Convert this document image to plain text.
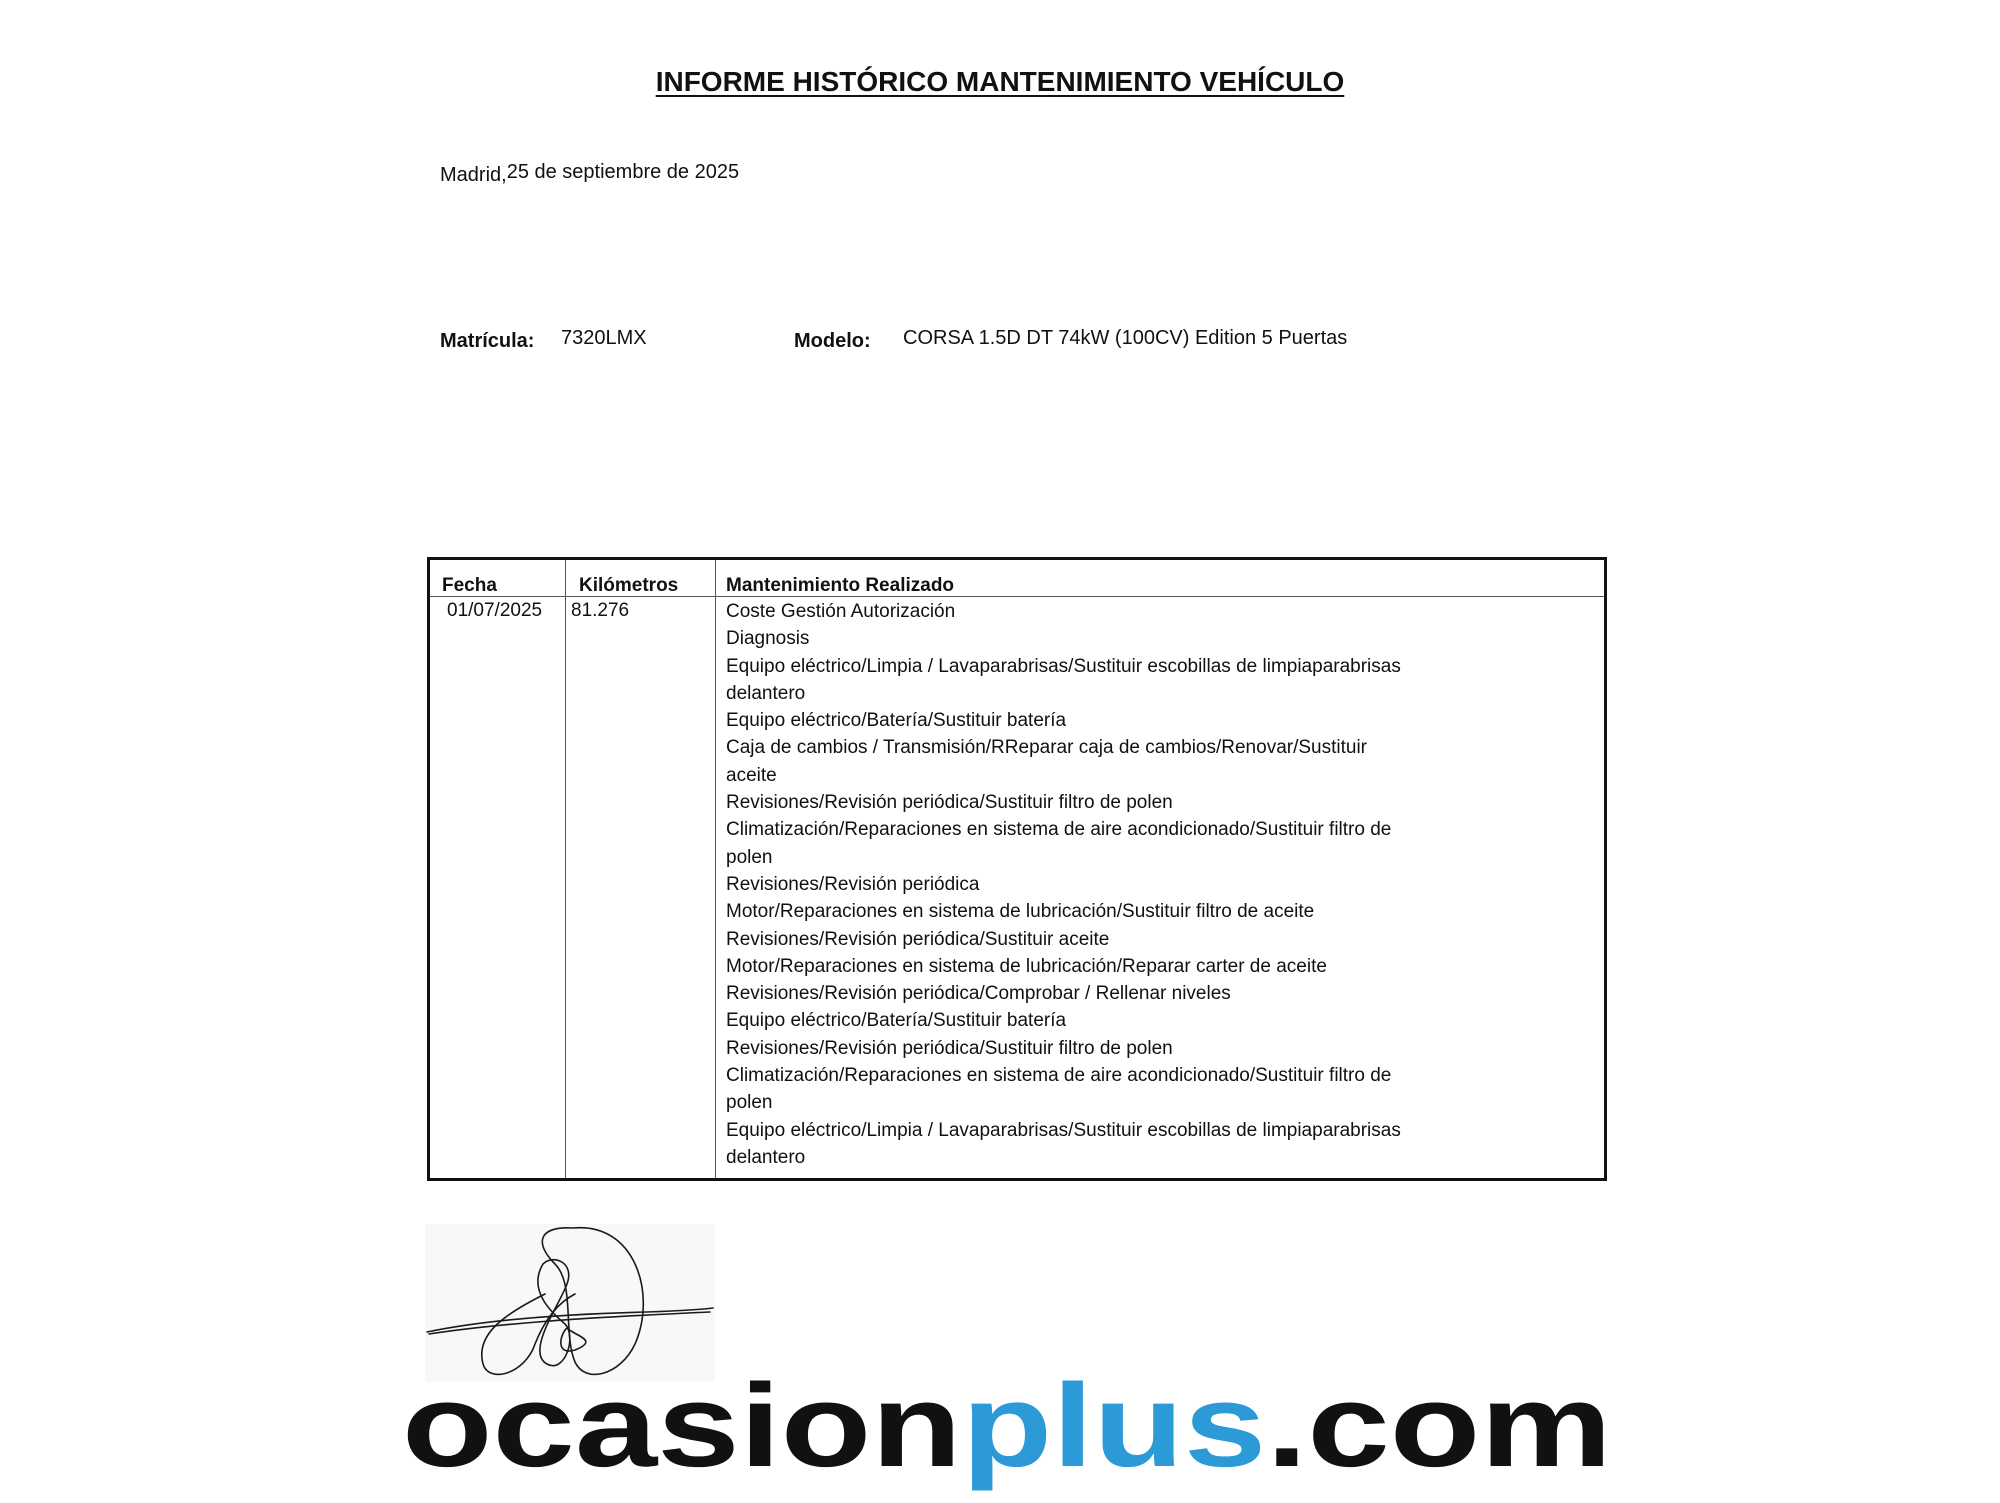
INFORME HISTÓRICO MANTENIMIENTO VEHÍCULO
Madrid,25 de septiembre de 2025
Matrícula: 7320LMX	Modelo: CORSA 1.5D DT 74kW (100CV) Edition 5 Puertas
Fecha	Kilómetros	Mantenimiento Realizado
01/07/2025 81.276	Coste Gestión Autorización
Diagnosis
Equipo eléctrico/Limpia / Lavaparabrisas/Sustituir escobillas de limpiaparabrisas
delantero
Equipo eléctrico/Batería/Sustituir batería
Caja de cambios / Transmisión/RReparar caja de cambios/Renovar/Sustituir
aceite
Revisiones/Revisión periódica/Sustituir filtro de polen
Climatización/Reparaciones en sistema de aire acondicionado/Sustituir filtro de
polen
Revisiones/Revisión periódica
Motor/Reparaciones en sistema de lubricación/Sustituir filtro de aceite
Revisiones/Revisión periódica/Sustituir aceite
Motor/Reparaciones en sistema de lubricación/Reparar carter de aceite
Revisiones/Revisión periódica/Comprobar / Rellenar niveles
Equipo eléctrico/Batería/Sustituir batería
Revisiones/Revisión periódica/Sustituir filtro de polen
Climatización/Reparaciones en sistema de aire acondicionado/Sustituir filtro de
polen
Equipo eléctrico/Limpia / Lavaparabrisas/Sustituir escobillas de limpiaparabrisas
delantero
ocasion plus .com
